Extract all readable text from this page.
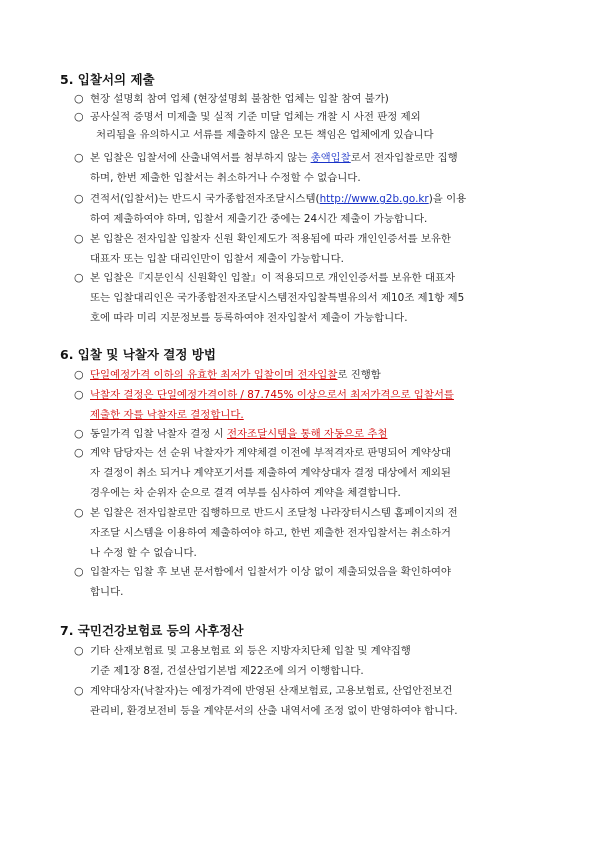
5. 입찰서의 제출
○ 현장 설명회 참여 업체 (현장설명회 불참한 업체는 입찰 참여 불가)
○ 공사실적 증명서 미제출 및 실적 기준 미달 업체는 개찰 시 사전 판정 제외
처리됨을 유의하시고 서류를 제출하지 않은 모든 책임은 업체에게 있습니다
○ 본 입찰은 입찰서에 산출내역서를 첨부하지 않는 총액입찰로서 전자입찰로만 집행
하며, 한번 제출한 입찰서는 취소하거나 수정할 수 없습니다.
○ 견적서(입찰서)는 반드시 국가종합전자조달시스템(http://www.g2b.go.kr)을 이용
하여 제출하여야 하며, 입찰서 제출기간 중에는 24시간 제출이 가능합니다.
○ 본 입찰은 전자입찰 입찰자 신원 확인제도가 적용됨에 따라 개인인증서를 보유한
대표자 또는 입찰 대리인만이 입찰서 제출이 가능합니다.
○ 본 입찰은『지문인식 신원확인 입찰』이 적용되므로 개인인증서를 보유한 대표자
또는 입찰대리인은 국가종합전자조달시스템전자입찰특별유의서 제10조 제1항 제5
호에 따라 미리 지문정보를 등록하여야 전자입찰서 제출이 가능합니다.
6. 입찰 및 낙찰자 결정 방법
○ 단일예정가격 이하의 유효한 최저가 입찰이며 전자입찰로 진행함
○ 낙찰자 결정은 단일예정가격이하 / 87.745% 이상으로서 최저가격으로 입찰서를
제출한 자를 낙찰자로 결정합니다.
○ 동일가격 입찰 낙찰자 결정 시 전자조달시템을 통해 자동으로 추첨
○ 계약 담당자는 선 순위 낙찰자가 계약체결 이전에 부적격자로 판명되어 계약상대
자 결정이 취소 되거나 계약포기서를 제출하여 계약상대자 결정 대상에서 제외된
경우에는 차 순위자 순으로 결격 여부를 심사하여 계약을 체결합니다.
○ 본 입찰은 전자입찰로만 집행하므로 반드시 조달청 나라장터시스템 홈페이지의 전
자조달 시스템을 이용하여 제출하여야 하고, 한번 제출한 전자입찰서는 취소하거
나 수정 할 수 없습니다.
○ 입찰자는 입찰 후 보낸 문서함에서 입찰서가 이상 없이 제출되었음을 확인하여야
합니다.
7. 국민건강보험료 등의 사후정산
○ 기타 산재보험료 및 고용보험료 외 등은 지방자치단체 입찰 및 계약집행
기준 제1장 8절, 건설산업기본법 제22조에 의거 이행합니다.
○ 계약대상자(낙찰자)는 예정가격에 반영된 산재보험료, 고용보험료, 산업안전보건
관리비, 환경보전비 등을 계약문서의 산출 내역서에 조정 없이 반영하여야 합니다.
